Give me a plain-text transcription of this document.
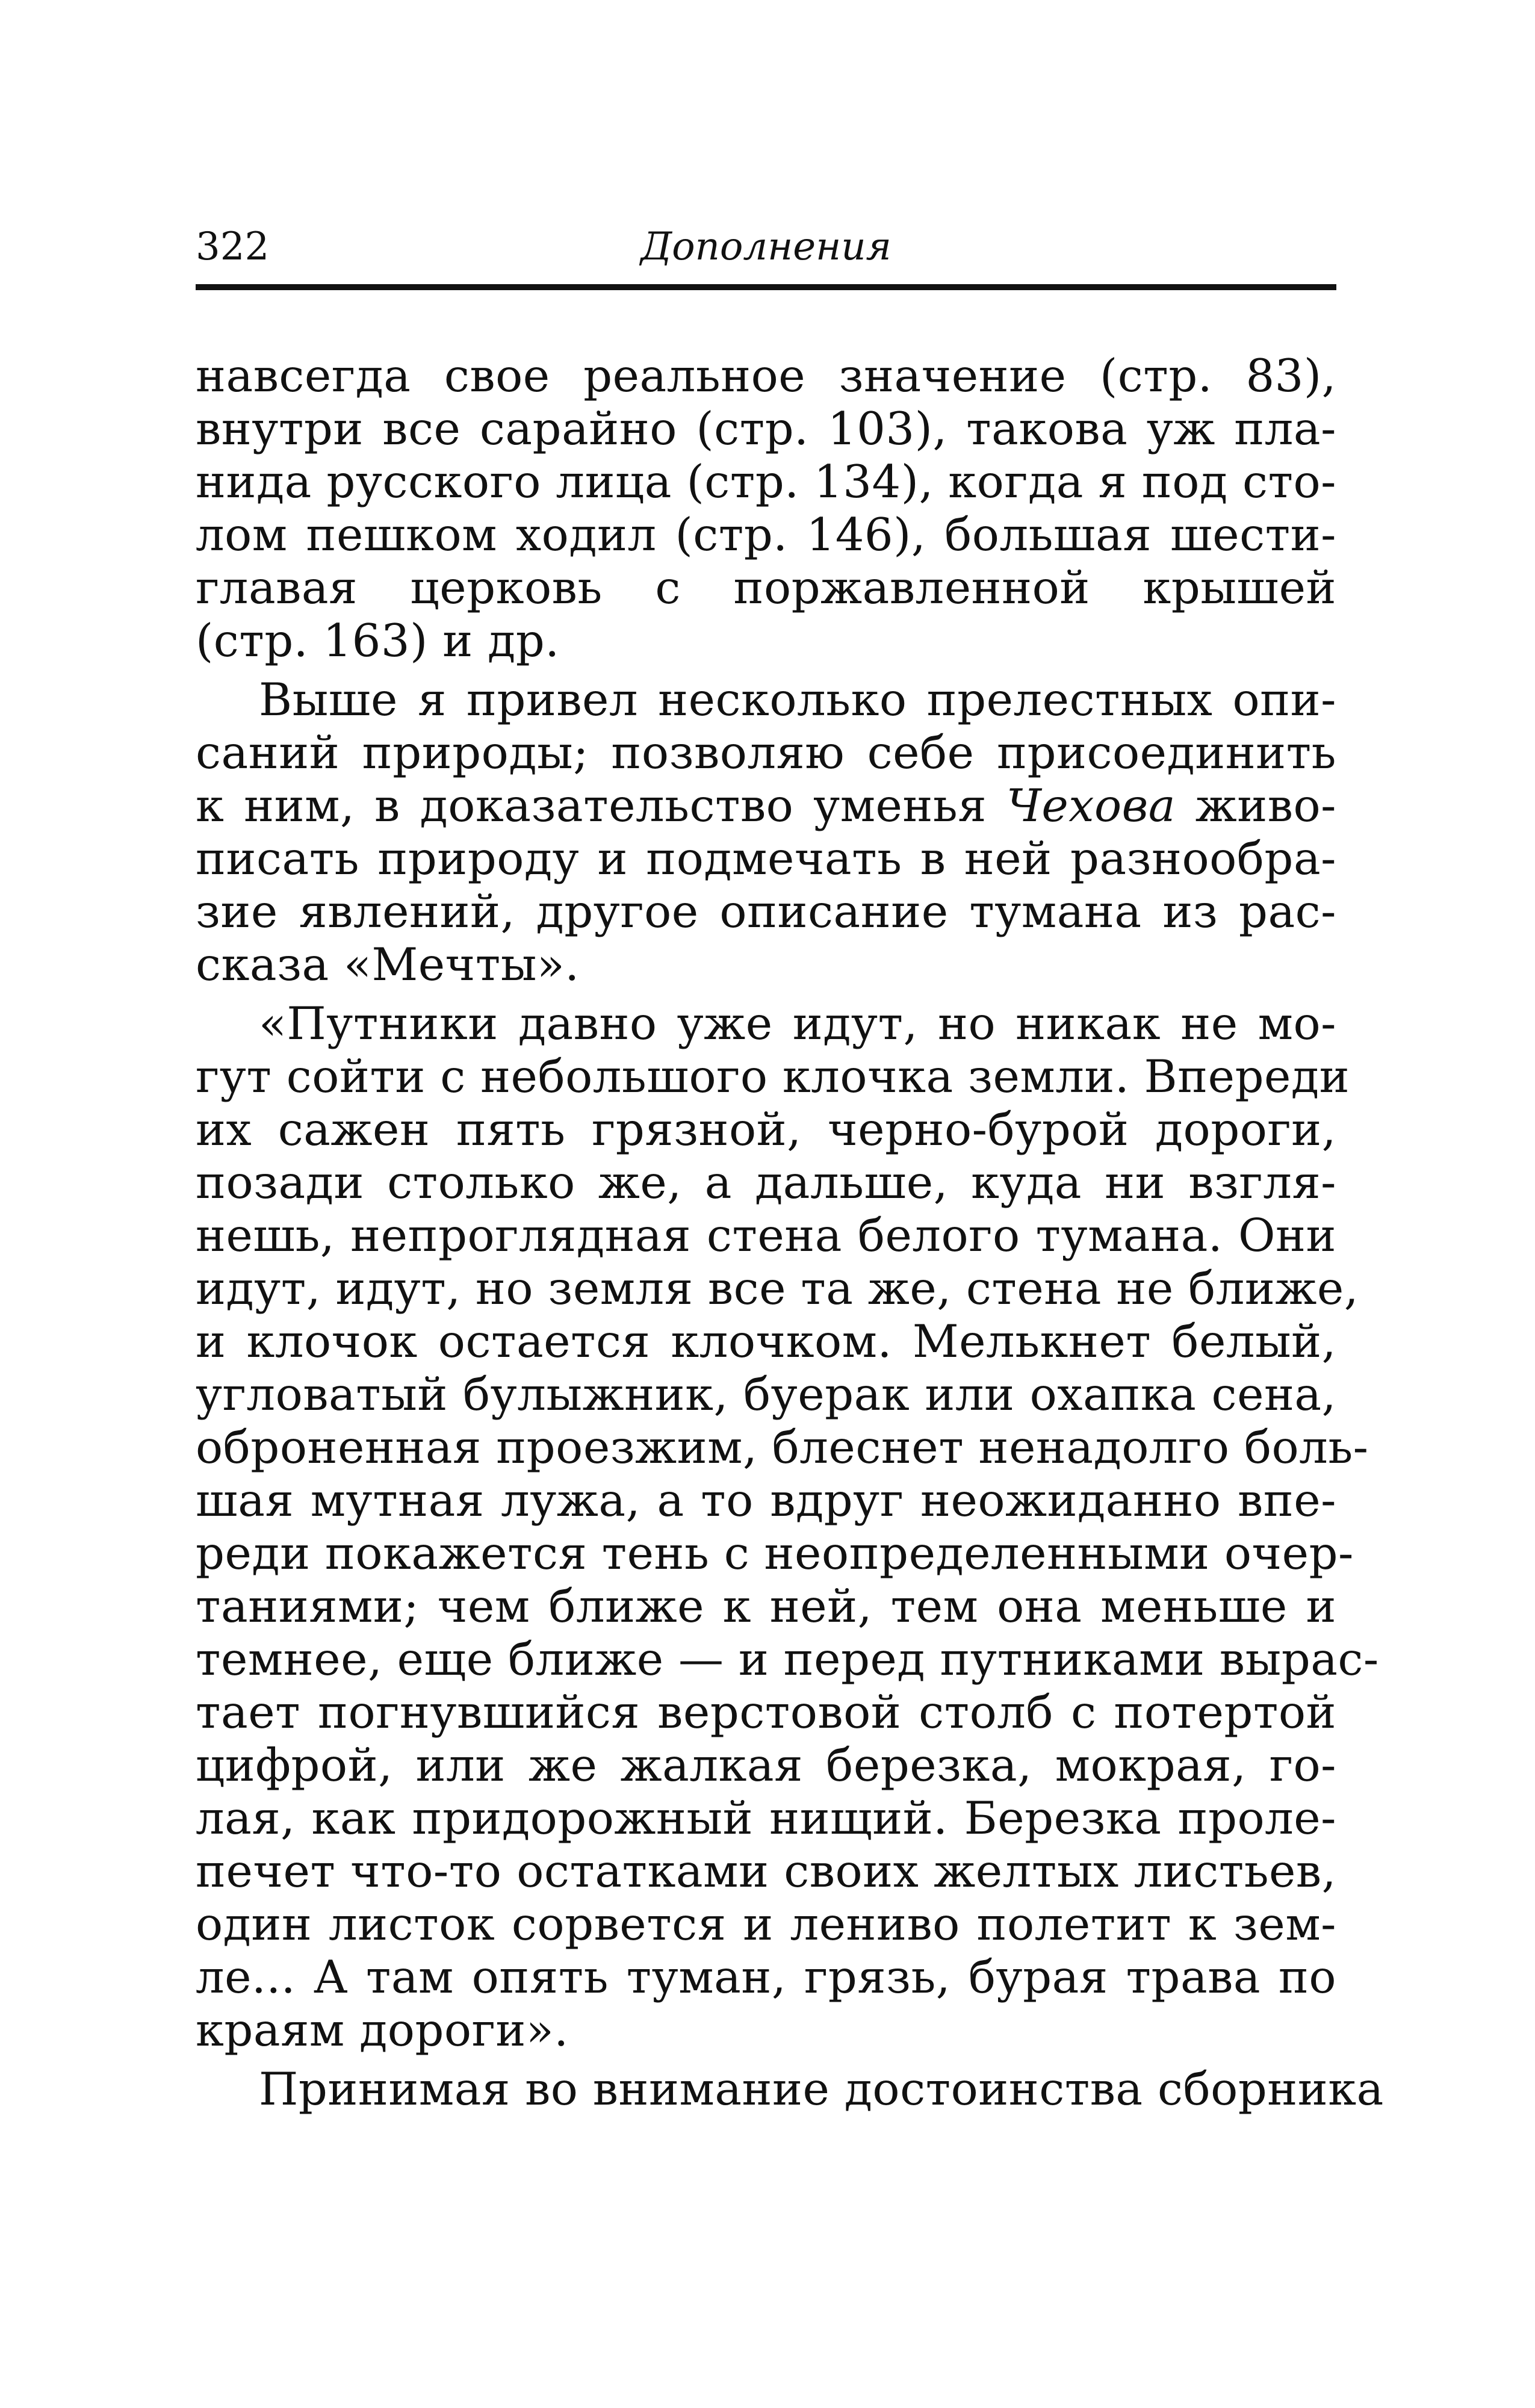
322	Дополнения
навсегда свое реальное значение (стр. 83),
внутри все сарайно (стр. 103), такова уж пла-
нида русского лица (стр. 134), когда я под сто-
лом пешком ходил (стр. 146), большая шести-
главая церковь с поржавленной крышей
(стр. 163) и др.
Выше я привел несколько прелестных опи-
саний природы; позволяю себе присоединить
к ним, в доказательство уменья Чехова живо-
писать природу и подмечать в ней разнообра-
зие явлений, другое описание тумана из рас-
сказа «Мечты».
«Путники давно уже идут, но никак не мо-
гут сойти с небольшого клочка земли. Впереди
их сажен пять грязной, черно-бурой дороги,
позади столько же, а дальше, куда ни взгля-
нешь, непроглядная стена белого тумана. Они
идут, идут, но земля все та же, стена не ближе,
и клочок остается клочком. Мелькнет белый,
угловатый булыжник, буерак или охапка сена,
оброненная проезжим, блеснет ненадолго боль-
шая мутная лужа, а то вдруг неожиданно впе-
реди покажется тень с неопределенными очер-
таниями; чем ближе к ней, тем она меньше и
темнее, еще ближе — и перед путниками вырас-
тает погнувшийся верстовой столб с потертой
цифрой, или же жалкая березка, мокрая, го-
лая, как придорожный нищий. Березка проле-
печет что-то остатками своих желтых листьев,
один листок сорвется и лениво полетит к зем-
ле... А там опять туман, грязь, бурая трава по
краям дороги».
Принимая во внимание достоинства сборника
